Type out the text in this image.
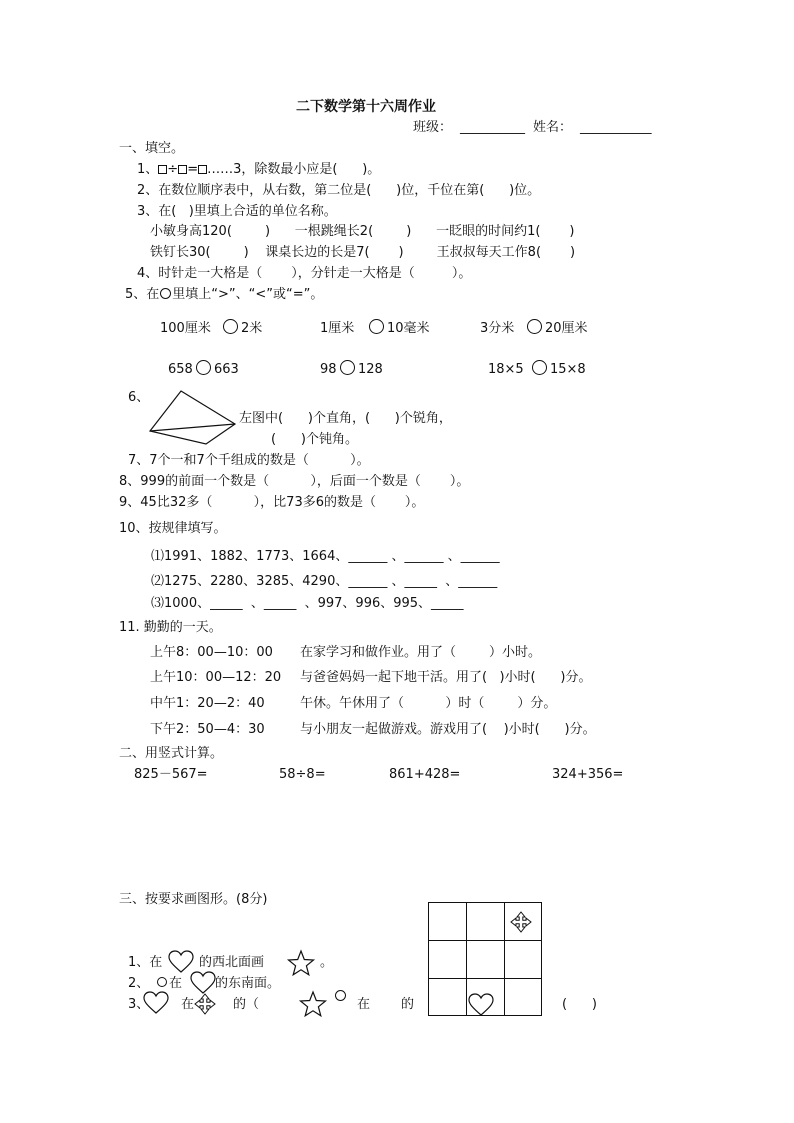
二下数学第十六周作业
班级： __________ 姓名： ___________
一、填空。
1、 ÷ = ……3，除数最小应是(      )。
2、在数位顺序表中，从右数，第二位是(      )位，千位在第(      )位。
3、在(   )里填上合适的单位名称。
小敏身高120(        )      一根跳绳长2(        )      一眨眼的时间约1(       )
铁钉长30(        )    课桌长边的长是7(       )        王叔叔每天工作8(       )
4、时针走一大格是（       ），分针走一大格是（         ）。
5、在 里填上“>”、“<”或“=”。
100厘米 2米	1厘米	10毫米	3分米 20厘米
658 663	98 128	18×5 15×8
6、
左图中(      )个直角，(      )个锐角，
(      )个钝角。
7、7个一和7个千组成的数是（          ）。
8、999的前面一个数是（          ），后面一个数是（       ）。
9、45比32多（          ），比73多6的数是（       ）。
10、按规律填写。
⑴1991、1882、1773、1664、______ 、______ 、______
⑵1275、2280、3285、4290、______ 、_____  、______
⑶1000、_____  、_____  、997、996、995、_____
11. 勤勤的一天。
上午8：00—10：00 在家学习和做作业。用了（        ）小时。
上午10：00—12：20 与爸爸妈妈一起下地干活。用了(   )小时(      )分。
中午1：20—2：40	午休。午休用了（          ）时（        ）分。
下午2：50—4：30	与小朋友一起做游戏。游戏用了(    )小时(      )分。
二、用竖式计算。
825－567=	58÷8=	861+428=	324+356=
三、按要求画图形。(8分)
1、在	的西北面画	。
2、 在	的东南面。
3、 在	的（	在 的	(      )
